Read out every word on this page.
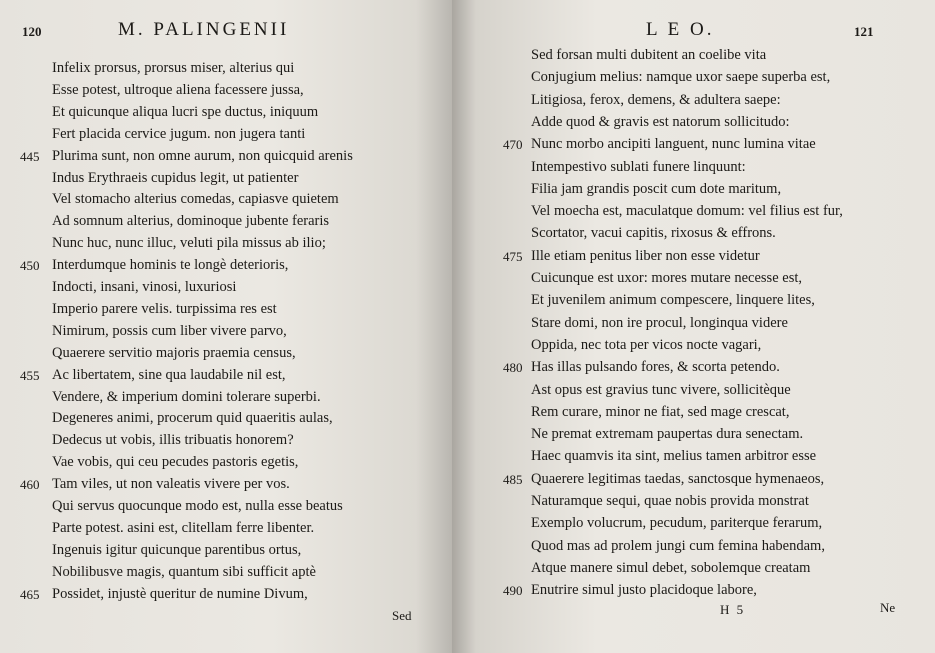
120	M. PALINGENII
Infelix prorsus, prorsus miser, alterius qui
Esse potest, ultroque aliena facessere jussa,
Et quicunque aliqua lucri spe ductus, iniquum
Fert placida cervice jugum. non jugera tanti
Plurima sunt, non omne aurum, non quicquid arenis
445
Indus Erythraeis cupidus legit, ut patienter
Vel stomacho alterius comedas, capiasve quietem
Ad somnum alterius, dominoque jubente feraris
Nunc huc, nunc illuc, veluti pila missus ab ilio;
Interdumque hominis te longè deterioris,
450
Indocti, insani, vinosi, luxuriosi
Imperio parere velis. turpissima res est
Nimirum, possis cum liber vivere parvo,
Quaerere servitio majoris praemia census,
Ac libertatem, sine qua laudabile nil est,
455
Vendere, & imperium domini tolerare superbi.
Degeneres animi, procerum quid quaeritis aulas,
Dedecus ut vobis, illis tribuatis honorem?
Vae vobis, qui ceu pecudes pastoris egetis,
Tam viles, ut non valeatis vivere per vos.
460
Qui servus quocunque modo est, nulla esse beatus
Parte potest. asini est, clitellam ferre libenter.
Ingenuis igitur quicunque parentibus ortus,
Nobilibusve magis, quantum sibi sufficit aptè
Possidet, injustè queritur de numine Divum,
465
Sed
L E O.	121
Sed forsan multi dubitent an coelibe vita
Conjugium melius: namque uxor saepe superba est,
Litigiosa, ferox, demens, & adultera saepe:
Adde quod & gravis est natorum sollicitudo:
Nunc morbo ancipiti languent, nunc lumina vitae
470
Intempestivo sublati funere linquunt:
Filia jam grandis poscit cum dote maritum,
Vel moecha est, maculatque domum: vel filius est fur,
Scortator, vacui capitis, rixosus & effrons.
Ille etiam penitus liber non esse videtur
475
Cuicunque est uxor: mores mutare necesse est,
Et juvenilem animum compescere, linquere lites,
Stare domi, non ire procul, longinqua videre
Oppida, nec tota per vicos nocte vagari,
Has illas pulsando fores, & scorta petendo.
480
Ast opus est gravius tunc vivere, sollicitèque
Rem curare, minor ne fiat, sed mage crescat,
Ne premat extremam paupertas dura senectam.
Haec quamvis ita sint, melius tamen arbitror esse
Quaerere legitimas taedas, sanctosque hymenaeos,
485
Naturamque sequi, quae nobis provida monstrat
Exemplo volucrum, pecudum, pariterque ferarum,
Quod mas ad prolem jungi cum femina habendam,
Atque manere simul debet, sobolemque creatam
Enutrire simul justo placidoque labore,
490
H 5	Ne
